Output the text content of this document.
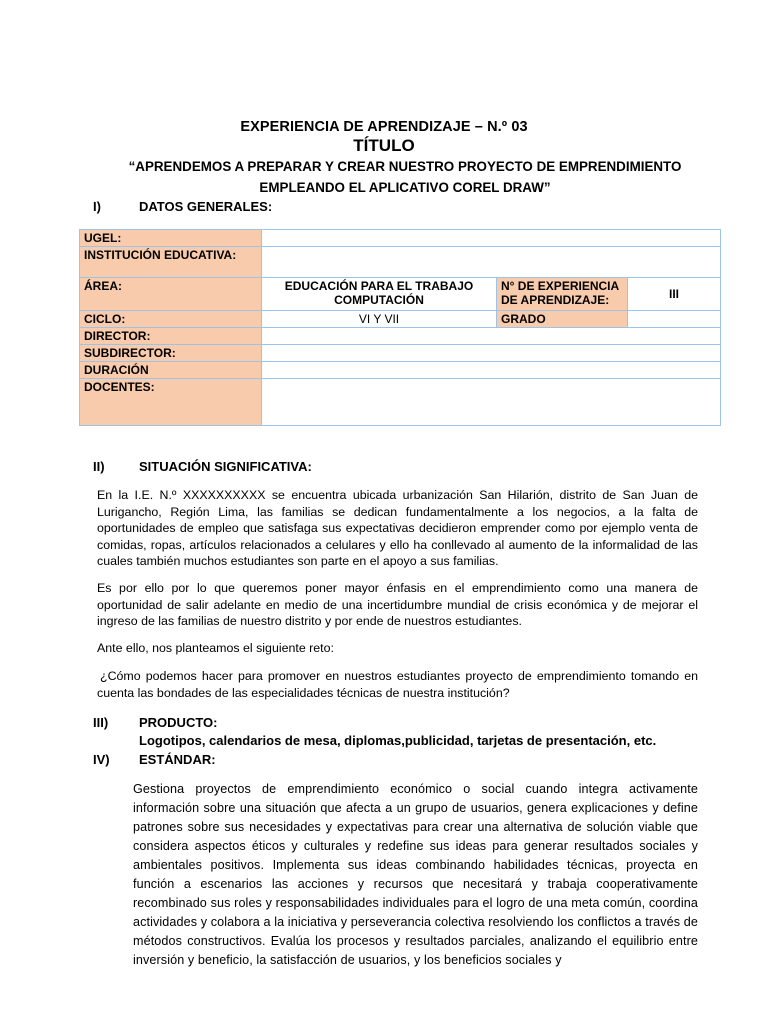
EXPERIENCIA DE APRENDIZAJE – N.º 03
TÍTULO
“APRENDEMOS A PREPARAR Y CREAR NUESTRO PROYECTO DE EMPRENDIMIENTO EMPLEANDO EL APLICATIVO COREL DRAW”
I)	DATOS GENERALES:
UGEL:			
INSTITUCIÓN EDUCATIVA:			
ÁREA:	EDUCACIÓN PARA EL TRABAJO COMPUTACIÓN	N° DE EXPERIENCIA DE APRENDIZAJE:	III
CICLO:	VI Y VII	GRADO	
DIRECTOR:			
SUBDIRECTOR:			
DURACIÓN			
DOCENTES:			
II)	SITUACIÓN SIGNIFICATIVA:
En la I.E. N.º XXXXXXXXXX se encuentra ubicada urbanización San Hilarión, distrito de San Juan de Lurigancho, Región Lima, las familias se dedican fundamentalmente a los negocios, a la falta de oportunidades de empleo que satisfaga sus expectativas decidieron emprender como por ejemplo venta de comidas, ropas, artículos relacionados a celulares y ello ha conllevado al aumento de la informalidad de las cuales también muchos estudiantes son parte en el apoyo a sus familias.
Es por ello por lo que queremos poner mayor énfasis en el emprendimiento como una manera de oportunidad de salir adelante en medio de una incertidumbre mundial de crisis económica y de mejorar el ingreso de las familias de nuestro distrito y por ende de nuestros estudiantes.
Ante ello, nos planteamos el siguiente reto:
¿Cómo podemos hacer para promover en nuestros estudiantes proyecto de emprendimiento tomando en cuenta las bondades de las especialidades técnicas de nuestra institución?
III) PRODUCTO:
Logotipos, calendarios de mesa, diplomas,publicidad, tarjetas de presentación, etc.
IV) ESTÁNDAR:
Gestiona proyectos de emprendimiento económico o social cuando integra activamente información sobre una situación que afecta a un grupo de usuarios, genera explicaciones y define patrones sobre sus necesidades y expectativas para crear una alternativa de solución viable que considera aspectos éticos y culturales y redefine sus ideas para generar resultados sociales y ambientales positivos. Implementa sus ideas combinando habilidades técnicas, proyecta en función a escenarios las acciones y recursos que necesitará y trabaja cooperativamente recombinado sus roles y responsabilidades individuales para el logro de una meta común, coordina actividades y colabora a la iniciativa y perseverancia colectiva resolviendo los conflictos a través de métodos constructivos. Evalúa los procesos y resultados parciales, analizando el equilibrio entre inversión y beneficio, la satisfacción de usuarios, y los beneficios sociales y
